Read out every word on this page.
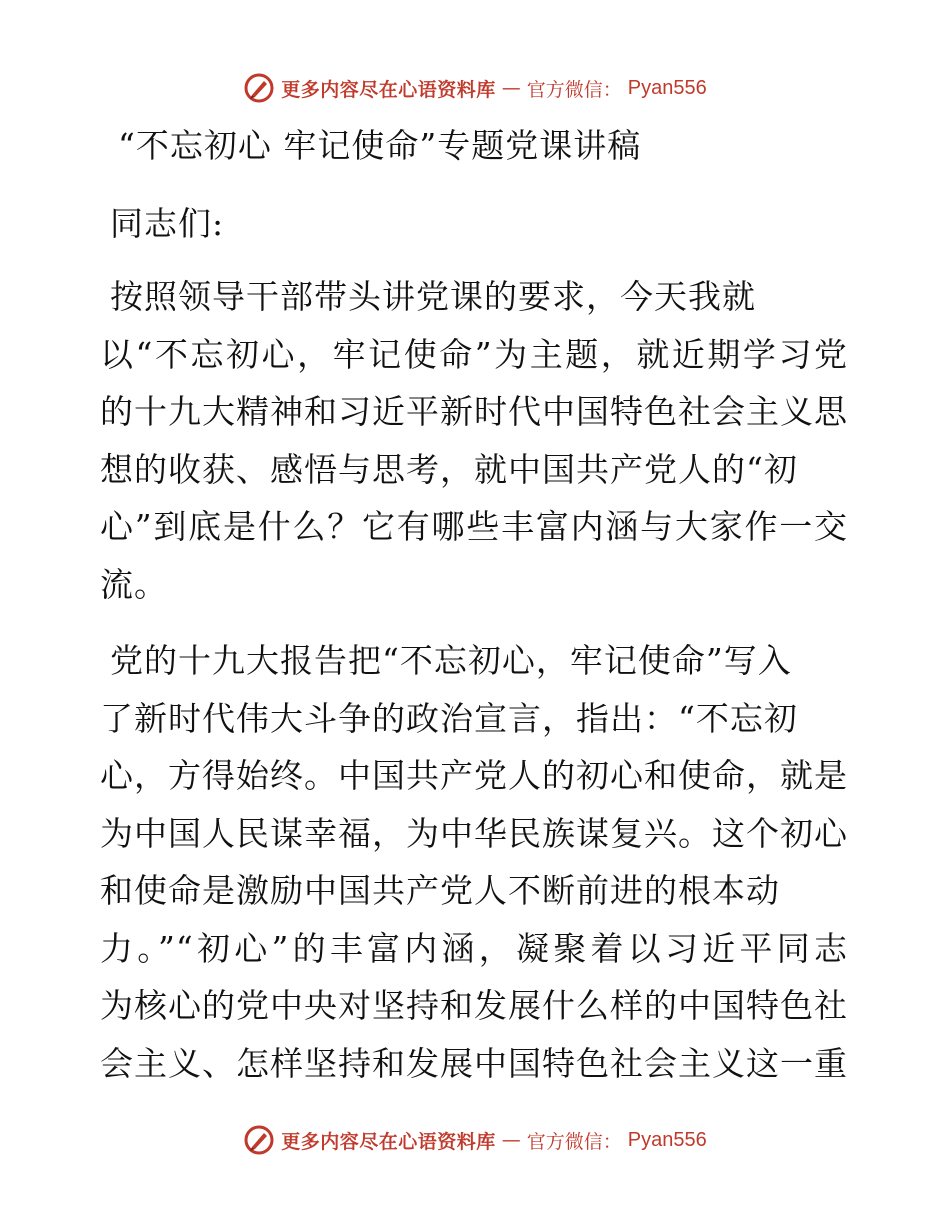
更多内容尽在心语资料库 — 官方微信： Pyan556
“不忘初心 牢记使命”专题党课讲稿
同志们:
按照领导干部带头讲党课的要求，今天我就
以“不忘初心，牢记使命”为主题，就近期学习党
的十九大精神和习近平新时代中国特色社会主义思
想的收获、感悟与思考，就中国共产党人的“初
心”到底是什么？它有哪些丰富内涵与大家作一交
流。
党的十九大报告把“不忘初心，牢记使命”写入
了新时代伟大斗争的政治宣言，指出：“不忘初
心，方得始终。中国共产党人的初心和使命，就是
为中国人民谋幸福，为中华民族谋复兴。这个初心
和使命是激励中国共产党人不断前进的根本动
力。”“初心”的丰富内涵，凝聚着以习近平同志
为核心的党中央对坚持和发展什么样的中国特色社
会主义、怎样坚持和发展中国特色社会主义这一重
更多内容尽在心语资料库 — 官方微信： Pyan556
